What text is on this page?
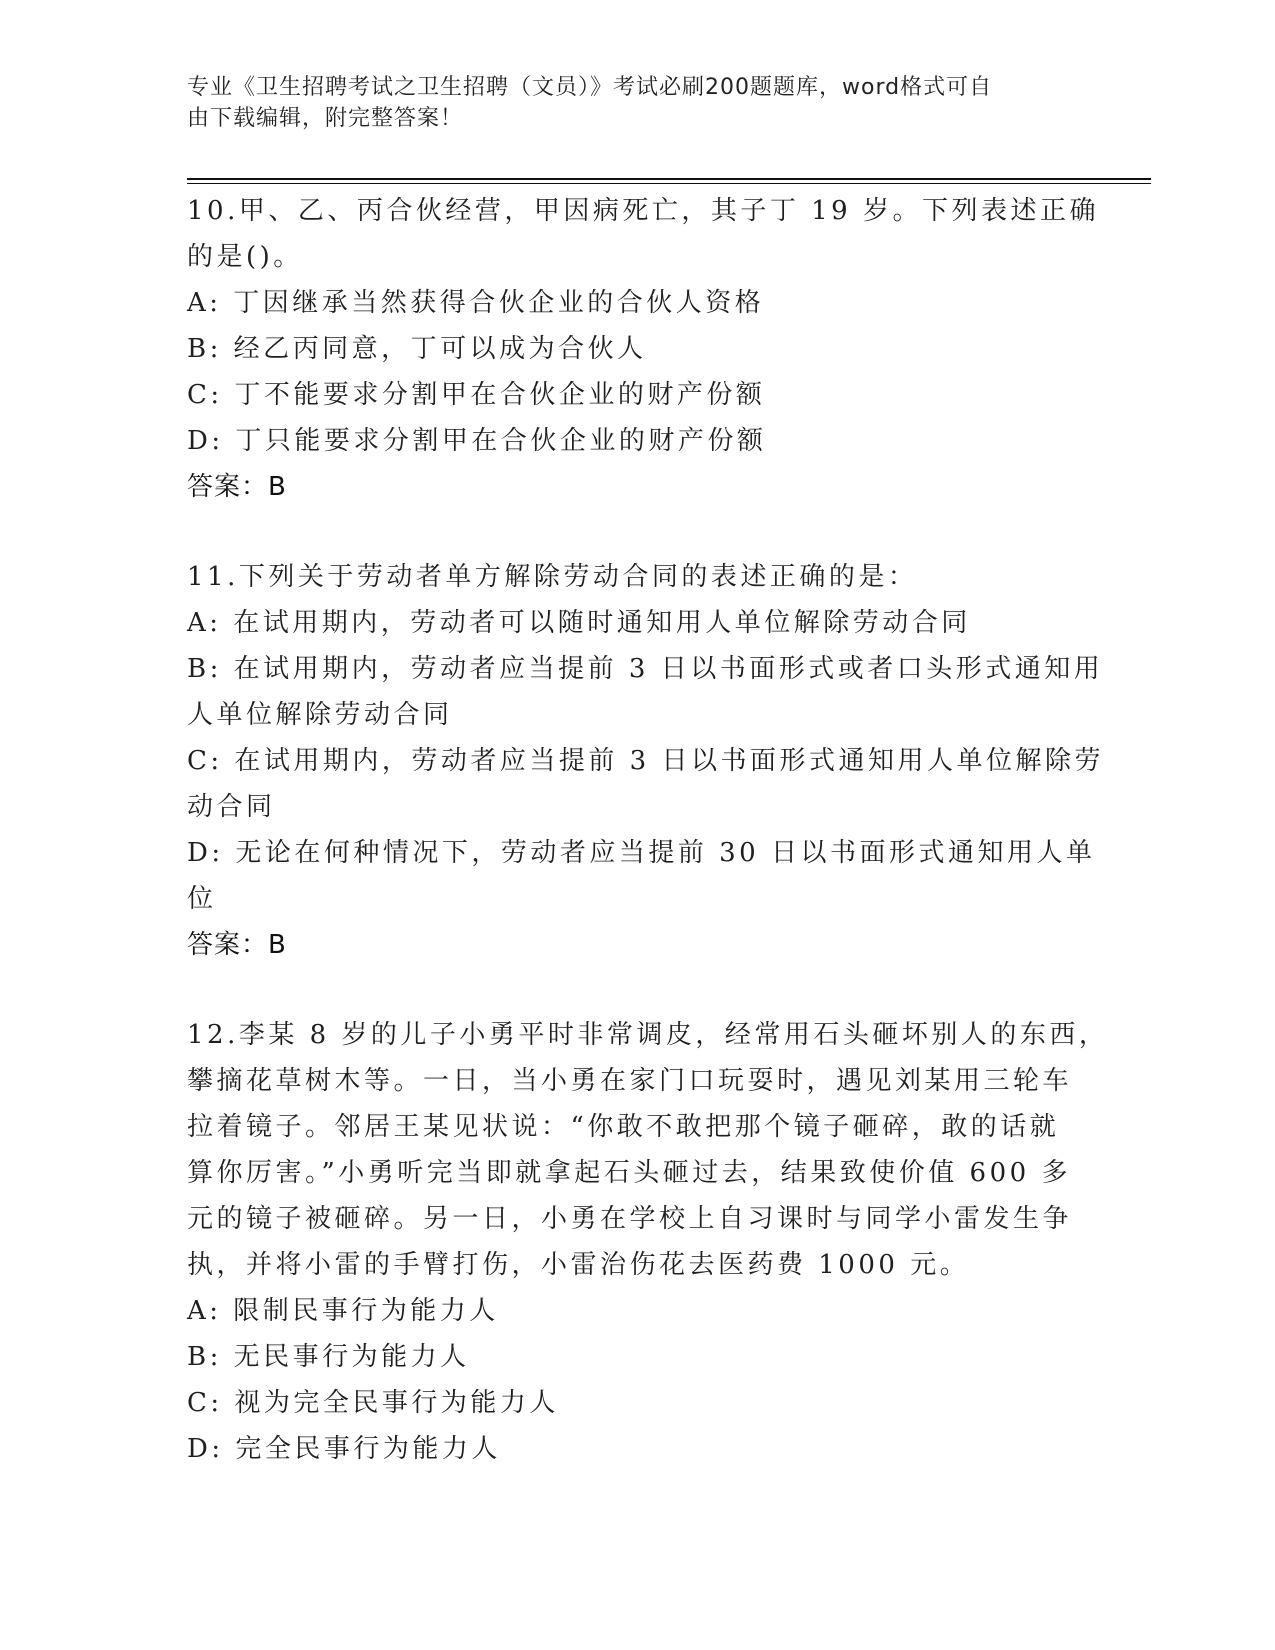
专业《卫生招聘考试之卫生招聘（文员）》考试必刷200题题库，word格式可自
由下载编辑，附完整答案！
10.甲、乙、丙合伙经营，甲因病死亡，其子丁 19 岁。下列表述正确
的是()。
A: 丁因继承当然获得合伙企业的合伙人资格
B: 经乙丙同意，丁可以成为合伙人
C: 丁不能要求分割甲在合伙企业的财产份额
D: 丁只能要求分割甲在合伙企业的财产份额
答案：B
11.下列关于劳动者单方解除劳动合同的表述正确的是：
A: 在试用期内，劳动者可以随时通知用人单位解除劳动合同
B: 在试用期内，劳动者应当提前 3 日以书面形式或者口头形式通知用
人单位解除劳动合同
C: 在试用期内，劳动者应当提前 3 日以书面形式通知用人单位解除劳
动合同
D: 无论在何种情况下，劳动者应当提前 30 日以书面形式通知用人单
位
答案：B
12.李某 8 岁的儿子小勇平时非常调皮，经常用石头砸坏别人的东西，
攀摘花草树木等。一日，当小勇在家门口玩耍时，遇见刘某用三轮车
拉着镜子。邻居王某见状说：“你敢不敢把那个镜子砸碎，敢的话就
算你厉害。”小勇听完当即就拿起石头砸过去，结果致使价值 600 多
元的镜子被砸碎。另一日，小勇在学校上自习课时与同学小雷发生争
执，并将小雷的手臂打伤，小雷治伤花去医药费 1000 元。
A: 限制民事行为能力人
B: 无民事行为能力人
C: 视为完全民事行为能力人
D: 完全民事行为能力人
